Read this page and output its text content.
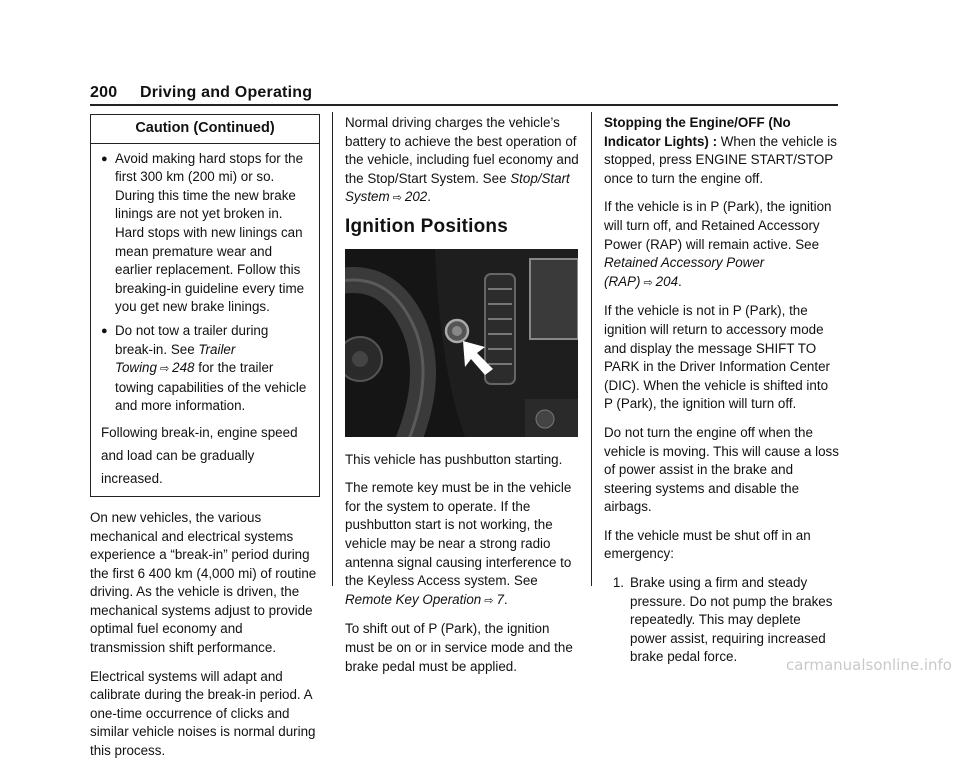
200 Driving and Operating
Caution (Continued)
● Avoid making hard stops for the first 300 km (200 mi) or so. During this time the new brake linings are not yet broken in. Hard stops with new linings can mean premature wear and earlier replacement. Follow this breaking-in guideline every time you get new brake linings.
● Do not tow a trailer during break-in. See Trailer Towing ⇨ 248 for the trailer towing capabilities of the vehicle and more information.
Following break-in, engine speed and load can be gradually increased.

On new vehicles, the various mechanical and electrical systems experience a “break-in” period during the first 6 400 km (4,000 mi) of routine driving. As the vehicle is driven, the mechanical systems adjust to provide optimal fuel economy and transmission shift performance.

Electrical systems will adapt and calibrate during the break-in period. A one-time occurrence of clicks and similar vehicle noises is normal during this process.

Normal driving charges the vehicle’s battery to achieve the best operation of the vehicle, including fuel economy and the Stop/Start System. See Stop/Start System ⇨ 202.

Ignition Positions

This vehicle has pushbutton starting.

The remote key must be in the vehicle for the system to operate. If the pushbutton start is not working, the vehicle may be near a strong radio antenna signal causing interference to the Keyless Access system. See Remote Key Operation ⇨ 7.

To shift out of P (Park), the ignition must be on or in service mode and the brake pedal must be applied.

Stopping the Engine/OFF (No Indicator Lights) : When the vehicle is stopped, press ENGINE START/STOP once to turn the engine off.

If the vehicle is in P (Park), the ignition will turn off, and Retained Accessory Power (RAP) will remain active. See Retained Accessory Power (RAP) ⇨ 204.

If the vehicle is not in P (Park), the ignition will return to accessory mode and display the message SHIFT TO PARK in the Driver Information Center (DIC). When the vehicle is shifted into P (Park), the ignition will turn off.

Do not turn the engine off when the vehicle is moving. This will cause a loss of power assist in the brake and steering systems and disable the airbags.

If the vehicle must be shut off in an emergency:

1. Brake using a firm and steady pressure. Do not pump the brakes repeatedly. This may deplete power assist, requiring increased brake pedal force.	carmanualsonline.info
